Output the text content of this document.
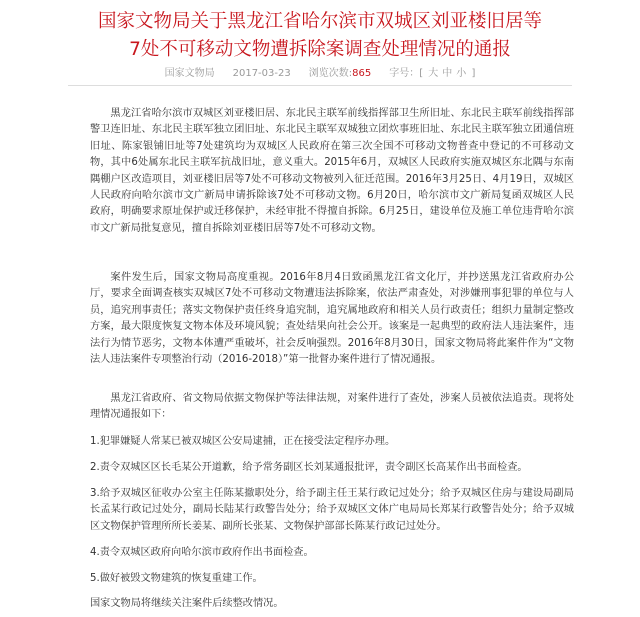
国家文物局关于黑龙江省哈尔滨市双城区刘亚楼旧居等
7处不可移动文物遭拆除案调查处理情况的通报
国家文物局 2017-03-23 浏览次数:865 字号：[ 大 中 小 ]

黑龙江省哈尔滨市双城区刘亚楼旧居、东北民主联军前线指挥部卫生所旧址、东北民主联军前线指挥部警卫连旧址、东北民主联军独立团旧址、东北民主联军双城独立团炊事班旧址、东北民主联军独立团通信班旧址、陈家银铺旧址等7处建筑均为双城区人民政府在第三次全国不可移动文物普查中登记的不可移动文物，其中6处属东北民主联军抗战旧址，意义重大。2015年6月，双城区人民政府实施双城区东北隅与东南隅棚户区改造项目，刘亚楼旧居等7处不可移动文物被列入征迁范围。2016年3月25日、4月19日，双城区人民政府向哈尔滨市文广新局申请拆除该7处不可移动文物。6月20日，哈尔滨市文广新局复函双城区人民政府，明确要求原址保护或迁移保护，未经审批不得擅自拆除。6月25日，建设单位及施工单位违背哈尔滨市文广新局批复意见，擅自拆除刘亚楼旧居等7处不可移动文物。

案件发生后，国家文物局高度重视。2016年8月4日致函黑龙江省文化厅，并抄送黑龙江省政府办公厅，要求全面调查核实双城区7处不可移动文物遭违法拆除案，依法严肃查处，对涉嫌刑事犯罪的单位与人员，追究刑事责任；落实文物保护责任终身追究制，追究属地政府和相关人员行政责任；组织力量制定整改方案，最大限度恢复文物本体及环境风貌；查处结果向社会公开。该案是一起典型的政府法人违法案件，违法行为情节恶劣，文物本体遭严重破坏，社会反响强烈。2016年8月30日，国家文物局将此案件作为“文物法人违法案件专项整治行动（2016-2018）”第一批督办案件进行了情况通报。

黑龙江省政府、省文物局依据文物保护等法律法规，对案件进行了查处，涉案人员被依法追责。现将处理情况通报如下：

1.犯罪嫌疑人常某已被双城区公安局逮捕，正在接受法定程序办理。

2.责令双城区区长毛某公开道歉，给予常务副区长刘某通报批评，责令副区长高某作出书面检查。

3.给予双城区征收办公室主任陈某撤职处分，给予副主任王某行政记过处分；给予双城区住房与建设局副局长孟某行政记过处分，副局长陆某行政警告处分；给予双城区文体广电局局长郑某行政警告处分；给予双城区文物保护管理所所长姜某、副所长张某、文物保护部部长陈某行政记过处分。

4.责令双城区政府向哈尔滨市政府作出书面检查。

5.做好被毁文物建筑的恢复重建工作。

国家文物局将继续关注案件后续整改情况。
